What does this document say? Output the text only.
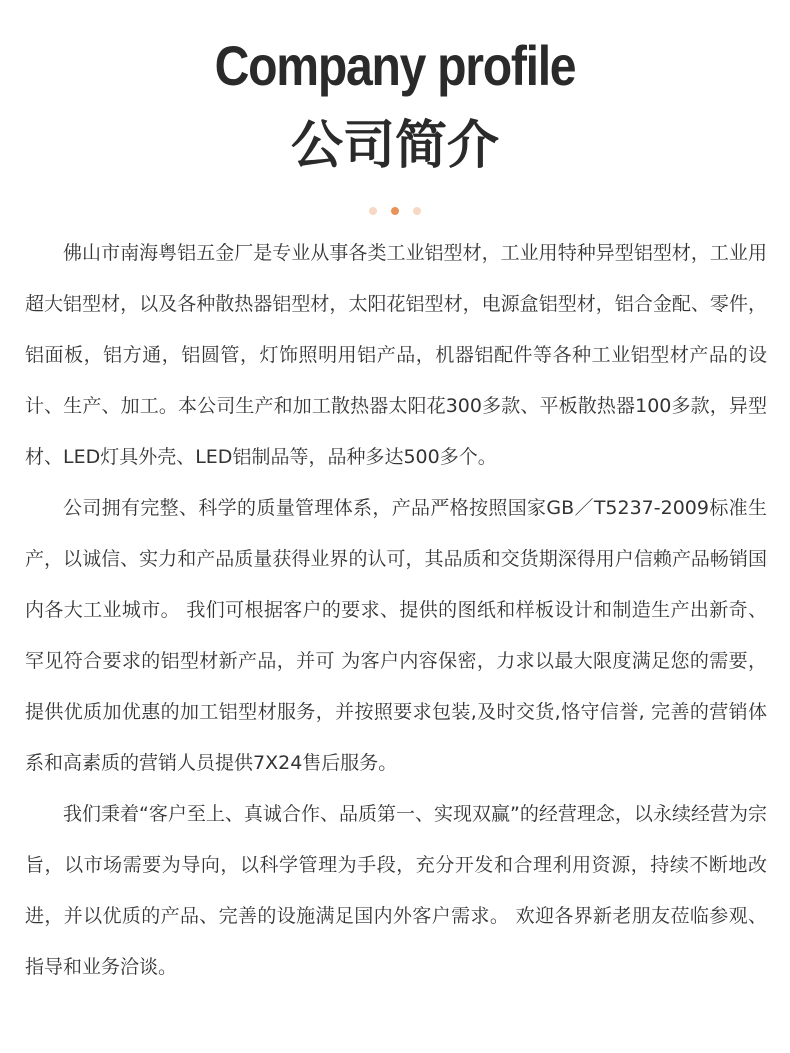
Company profile
公司简介

佛山市南海粤铝五金厂是专业从事各类工业铝型材，工业用特种异型铝型材，工业用超大铝型材，以及各种散热器铝型材，太阳花铝型材，电源盒铝型材，铝合金配、零件，铝面板，铝方通，铝圆管，灯饰照明用铝产品，机器铝配件等各种工业铝型材产品的设计、生产、加工。本公司生产和加工散热器太阳花300多款、平板散热器100多款，异型材、LED灯具外壳、LED铝制品等，品种多达500多个。

公司拥有完整、科学的质量管理体系，产品严格按照国家GB／T5237-2009标准生产，以诚信、实力和产品质量获得业界的认可，其品质和交货期深得用户信赖产品畅销国内各大工业城市。 我们可根据客户的要求、提供的图纸和样板设计和制造生产出新奇、罕见符合要求的铝型材新产品，并可 为客户内容保密，力求以最大限度满足您的需要，提供优质加优惠的加工铝型材服务，并按照要求包装,及时交货,恪守信誉, 完善的营销体系和高素质的营销人员提供7X24售后服务。

我们秉着“客户至上、真诚合作、品质第一、实现双赢”的经营理念，以永续经营为宗旨，以市场需要为导向，以科学管理为手段，充分开发和合理利用资源，持续不断地改进，并以优质的产品、完善的设施满足国内外客户需求。 欢迎各界新老朋友莅临参观、指导和业务洽谈。
